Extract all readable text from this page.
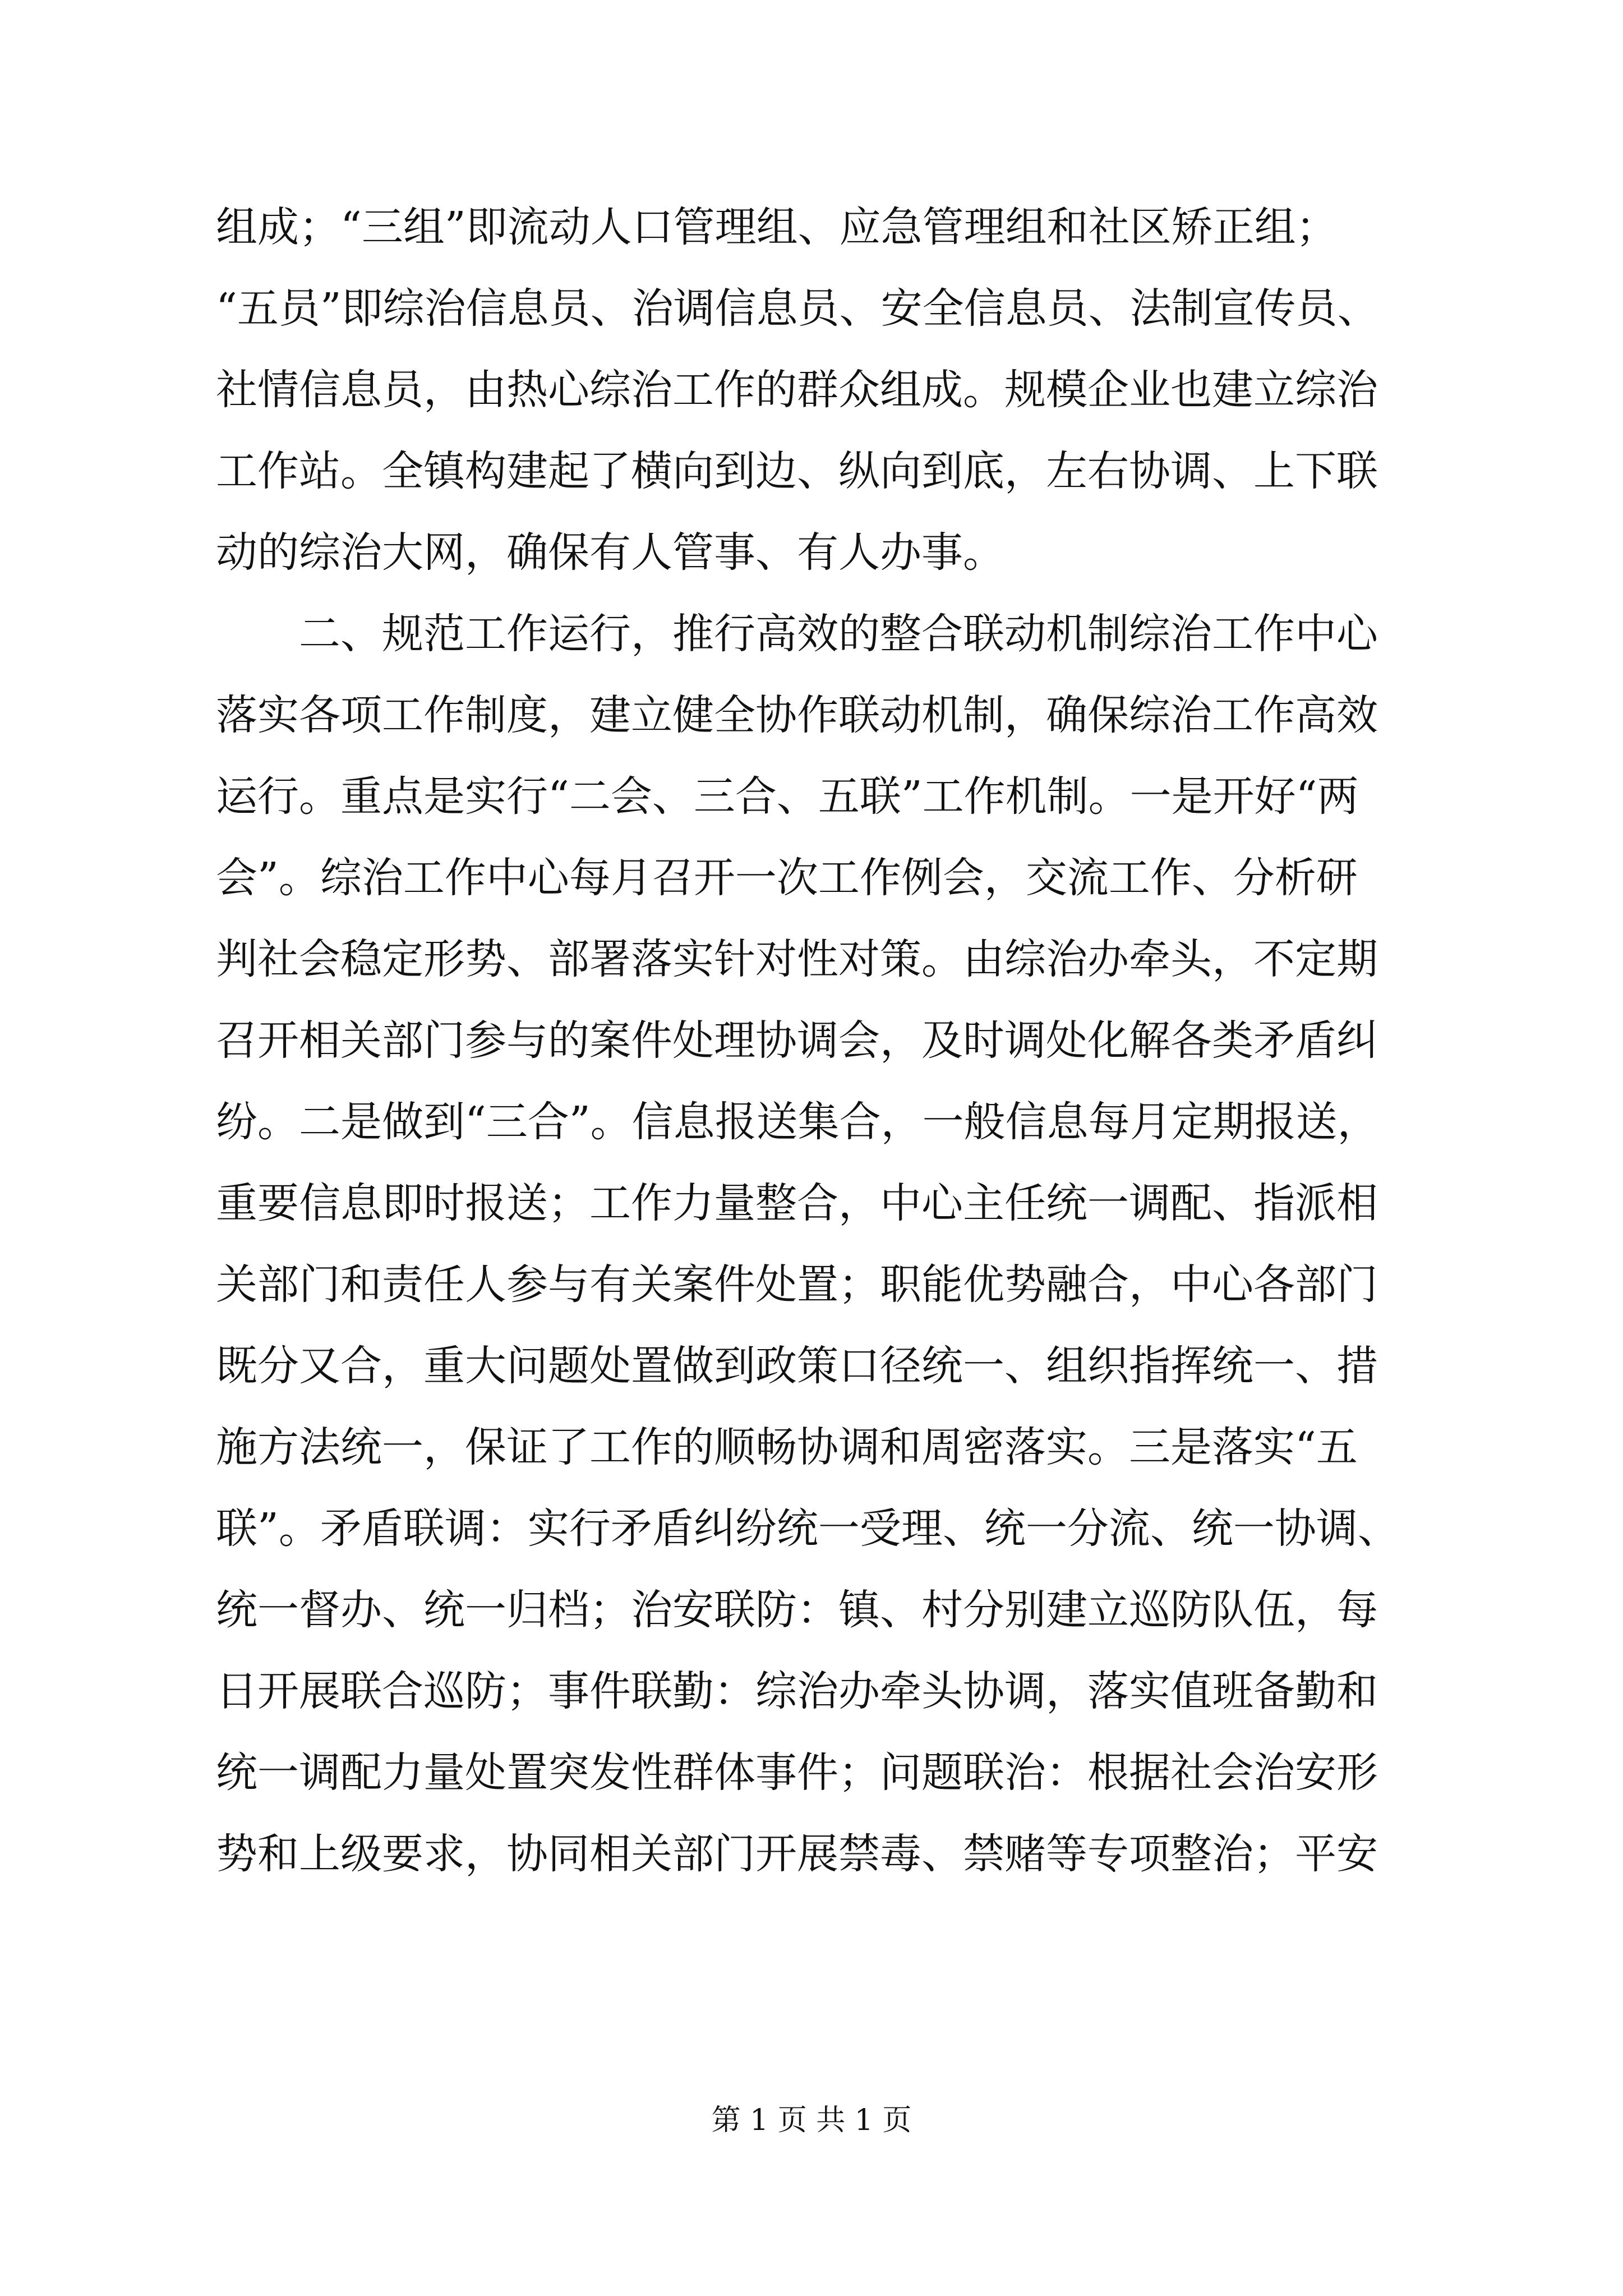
组成；“三组”即流动人口管理组、应急管理组和社区矫正组；
“五员”即综治信息员、治调信息员、安全信息员、法制宣传员、
社情信息员，由热心综治工作的群众组成。规模企业也建立综治
工作站。全镇构建起了横向到边、纵向到底，左右协调、上下联
动的综治大网，确保有人管事、有人办事。
　　二、规范工作运行，推行高效的整合联动机制综治工作中心
落实各项工作制度，建立健全协作联动机制，确保综治工作高效
运行。重点是实行“二会、三合、五联”工作机制。一是开好“两
会”。综治工作中心每月召开一次工作例会，交流工作、分析研
判社会稳定形势、部署落实针对性对策。由综治办牵头，不定期
召开相关部门参与的案件处理协调会，及时调处化解各类矛盾纠
纷。二是做到“三合”。信息报送集合，一般信息每月定期报送，
重要信息即时报送；工作力量整合，中心主任统一调配、指派相
关部门和责任人参与有关案件处置；职能优势融合，中心各部门
既分又合，重大问题处置做到政策口径统一、组织指挥统一、措
施方法统一，保证了工作的顺畅协调和周密落实。三是落实“五
联”。矛盾联调：实行矛盾纠纷统一受理、统一分流、统一协调、
统一督办、统一归档；治安联防：镇、村分别建立巡防队伍，每
日开展联合巡防；事件联勤：综治办牵头协调，落实值班备勤和
统一调配力量处置突发性群体事件；问题联治：根据社会治安形
势和上级要求，协同相关部门开展禁毒、禁赌等专项整治；平安
第 1 页 共 1 页
